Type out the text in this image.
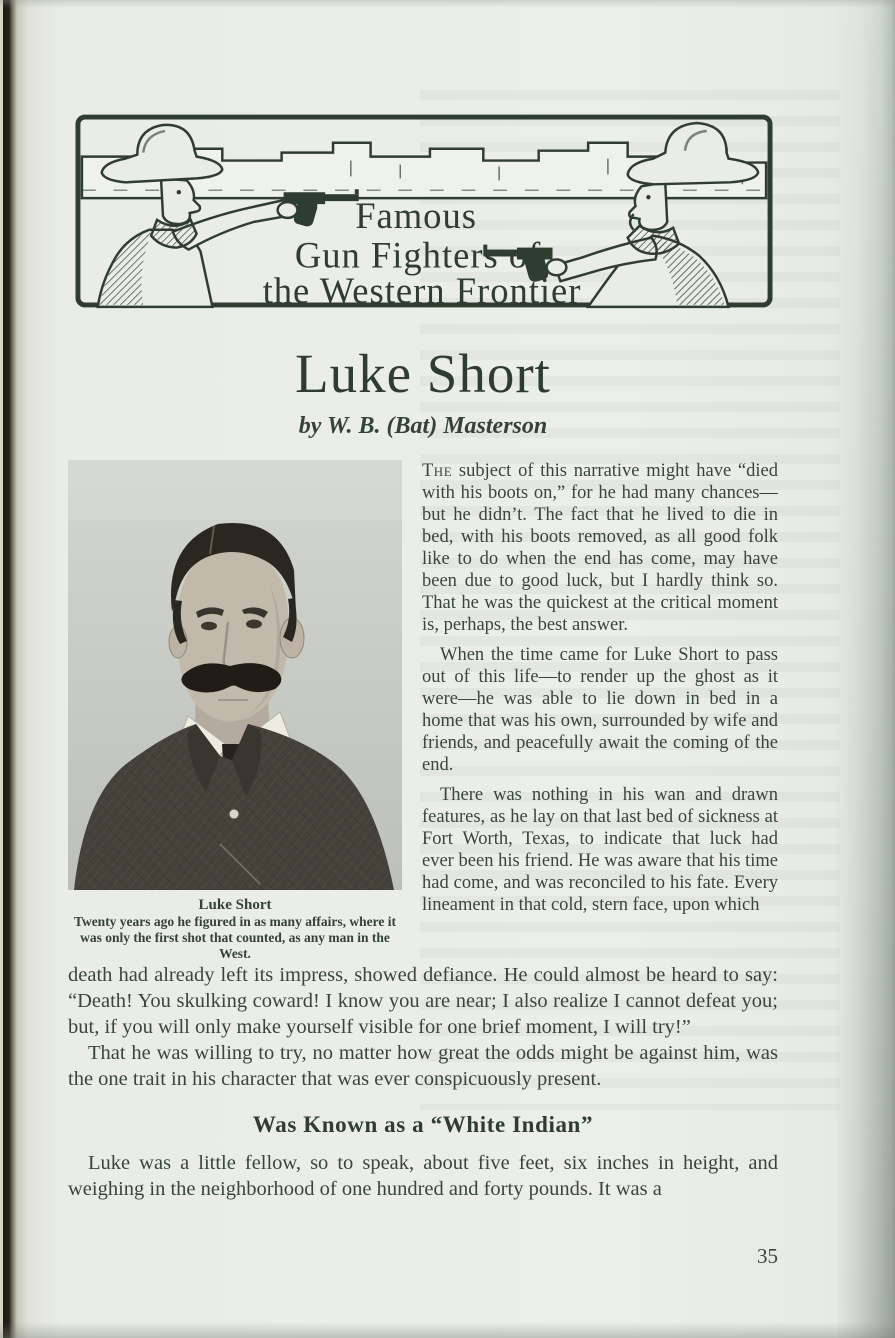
Famous
Gun Fighters of
the Western Frontier
Luke Short
by W. B. (Bat) Masterson
Luke Short
Twenty years ago he figured in as many affairs, where it was only the first shot that counted, as any man in the West.

The subject of this narrative might have “died with his boots on,” for he had many chances—but he didn’t. The fact that he lived to die in bed, with his boots removed, as all good folk like to do when the end has come, may have been due to good luck, but I hardly think so. That he was the quickest at the critical moment is, perhaps, the best answer.

When the time came for Luke Short to pass out of this life—to render up the ghost as it were—he was able to lie down in bed in a home that was his own, surrounded by wife and friends, and peacefully await the coming of the end.

There was nothing in his wan and drawn features, as he lay on that last bed of sickness at Fort Worth, Texas, to indicate that luck had ever been his friend. He was aware that his time had come, and was reconciled to his fate. Every lineament in that cold, stern face, upon which

death had already left its impress, showed defiance. He could almost be heard to say: “Death! You skulking coward! I know you are near; I also realize I cannot defeat you; but, if you will only make yourself visible for one brief moment, I will try!”

That he was willing to try, no matter how great the odds might be against him, was the one trait in his character that was ever conspicuously present.

Was Known as a “White Indian”

Luke was a little fellow, so to speak, about five feet, six inches in height, and weighing in the neighborhood of one hundred and forty pounds. It was a

35
